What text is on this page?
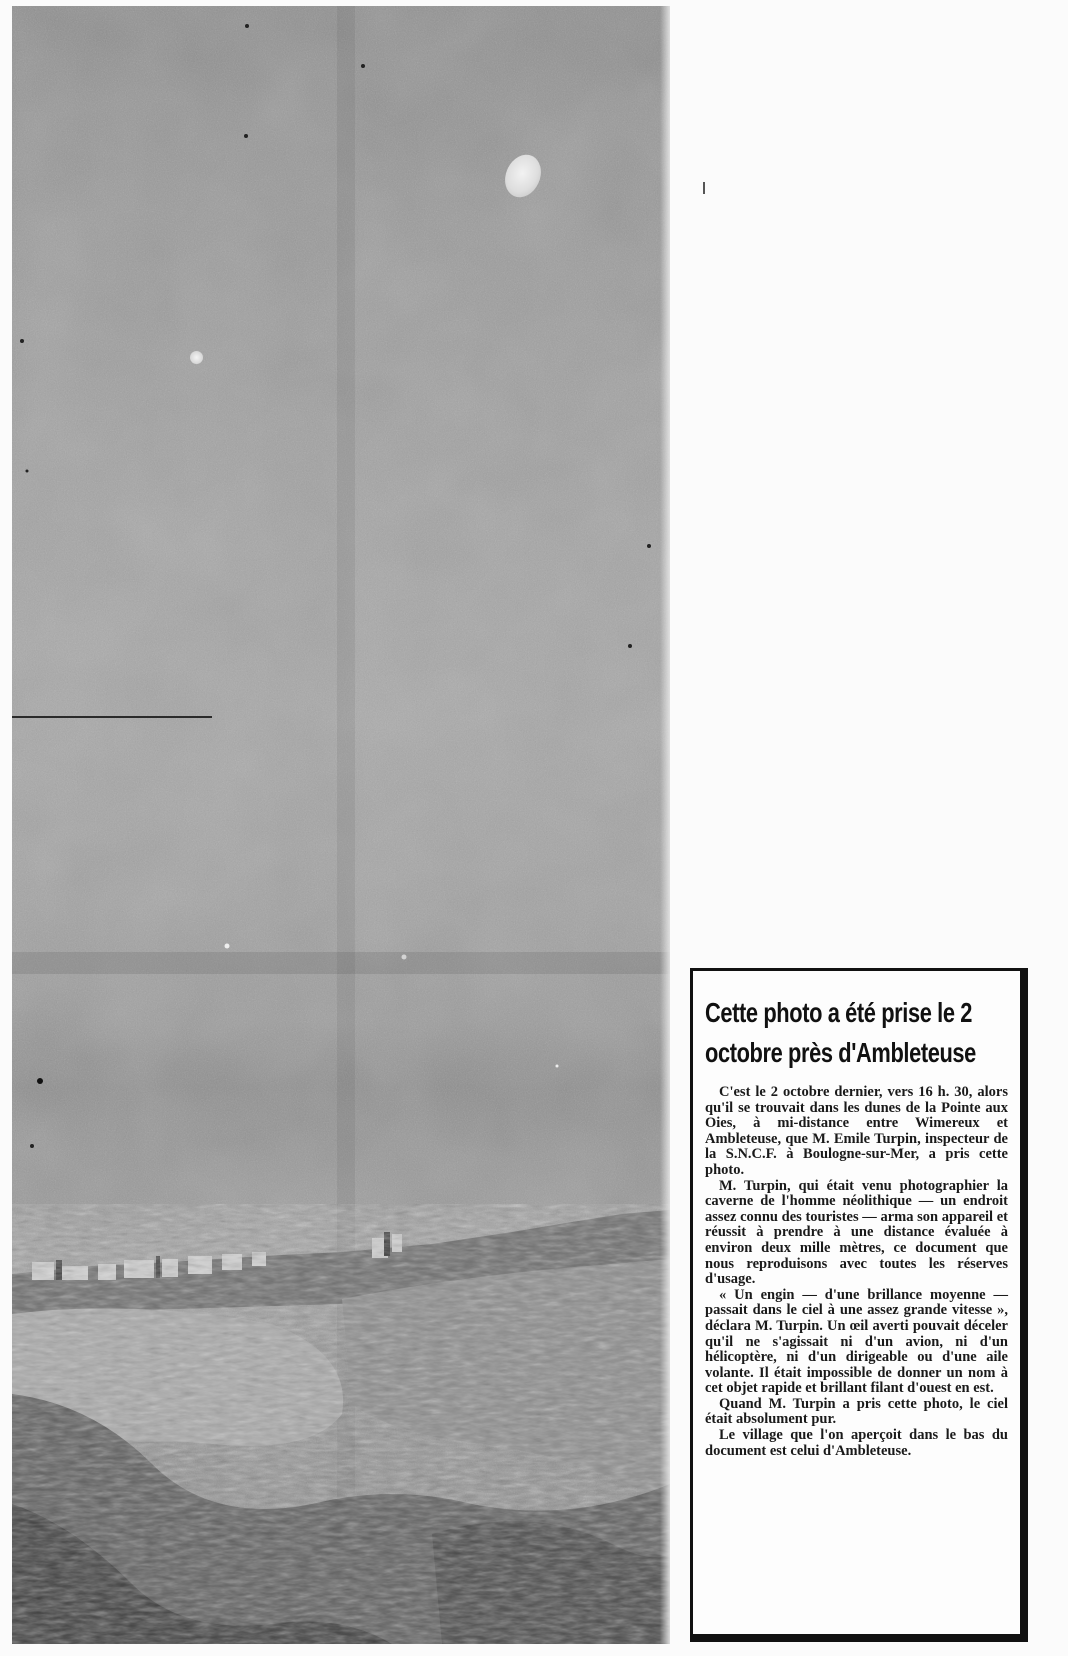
Cette photo a été prise le 2 octobre près d'Ambleteuse

C'est le 2 octobre dernier, vers 16 h. 30, alors qu'il se trouvait dans les dunes de la Pointe aux Oies, à mi-distance entre Wimereux et Ambleteuse, que M. Emile Turpin, inspecteur de la S.N.C.F. à Boulogne-sur-Mer, a pris cette photo.

M. Turpin, qui était venu photographier la caverne de l'homme néolithique — un endroit assez connu des touristes — arma son appareil et réussit à prendre à une distance évaluée à environ deux mille mètres, ce document que nous reproduisons avec toutes les réserves d'usage.

« Un engin — d'une brillance moyenne — passait dans le ciel à une assez grande vitesse », déclara M. Turpin. Un œil averti pouvait déceler qu'il ne s'agissait ni d'un avion, ni d'un hélicoptère, ni d'un dirigeable ou d'une aile volante. Il était impossible de donner un nom à cet objet rapide et brillant filant d'ouest en est.

Quand M. Turpin a pris cette photo, le ciel était absolument pur.

Le village que l'on aperçoit dans le bas du document est celui d'Ambleteuse.
